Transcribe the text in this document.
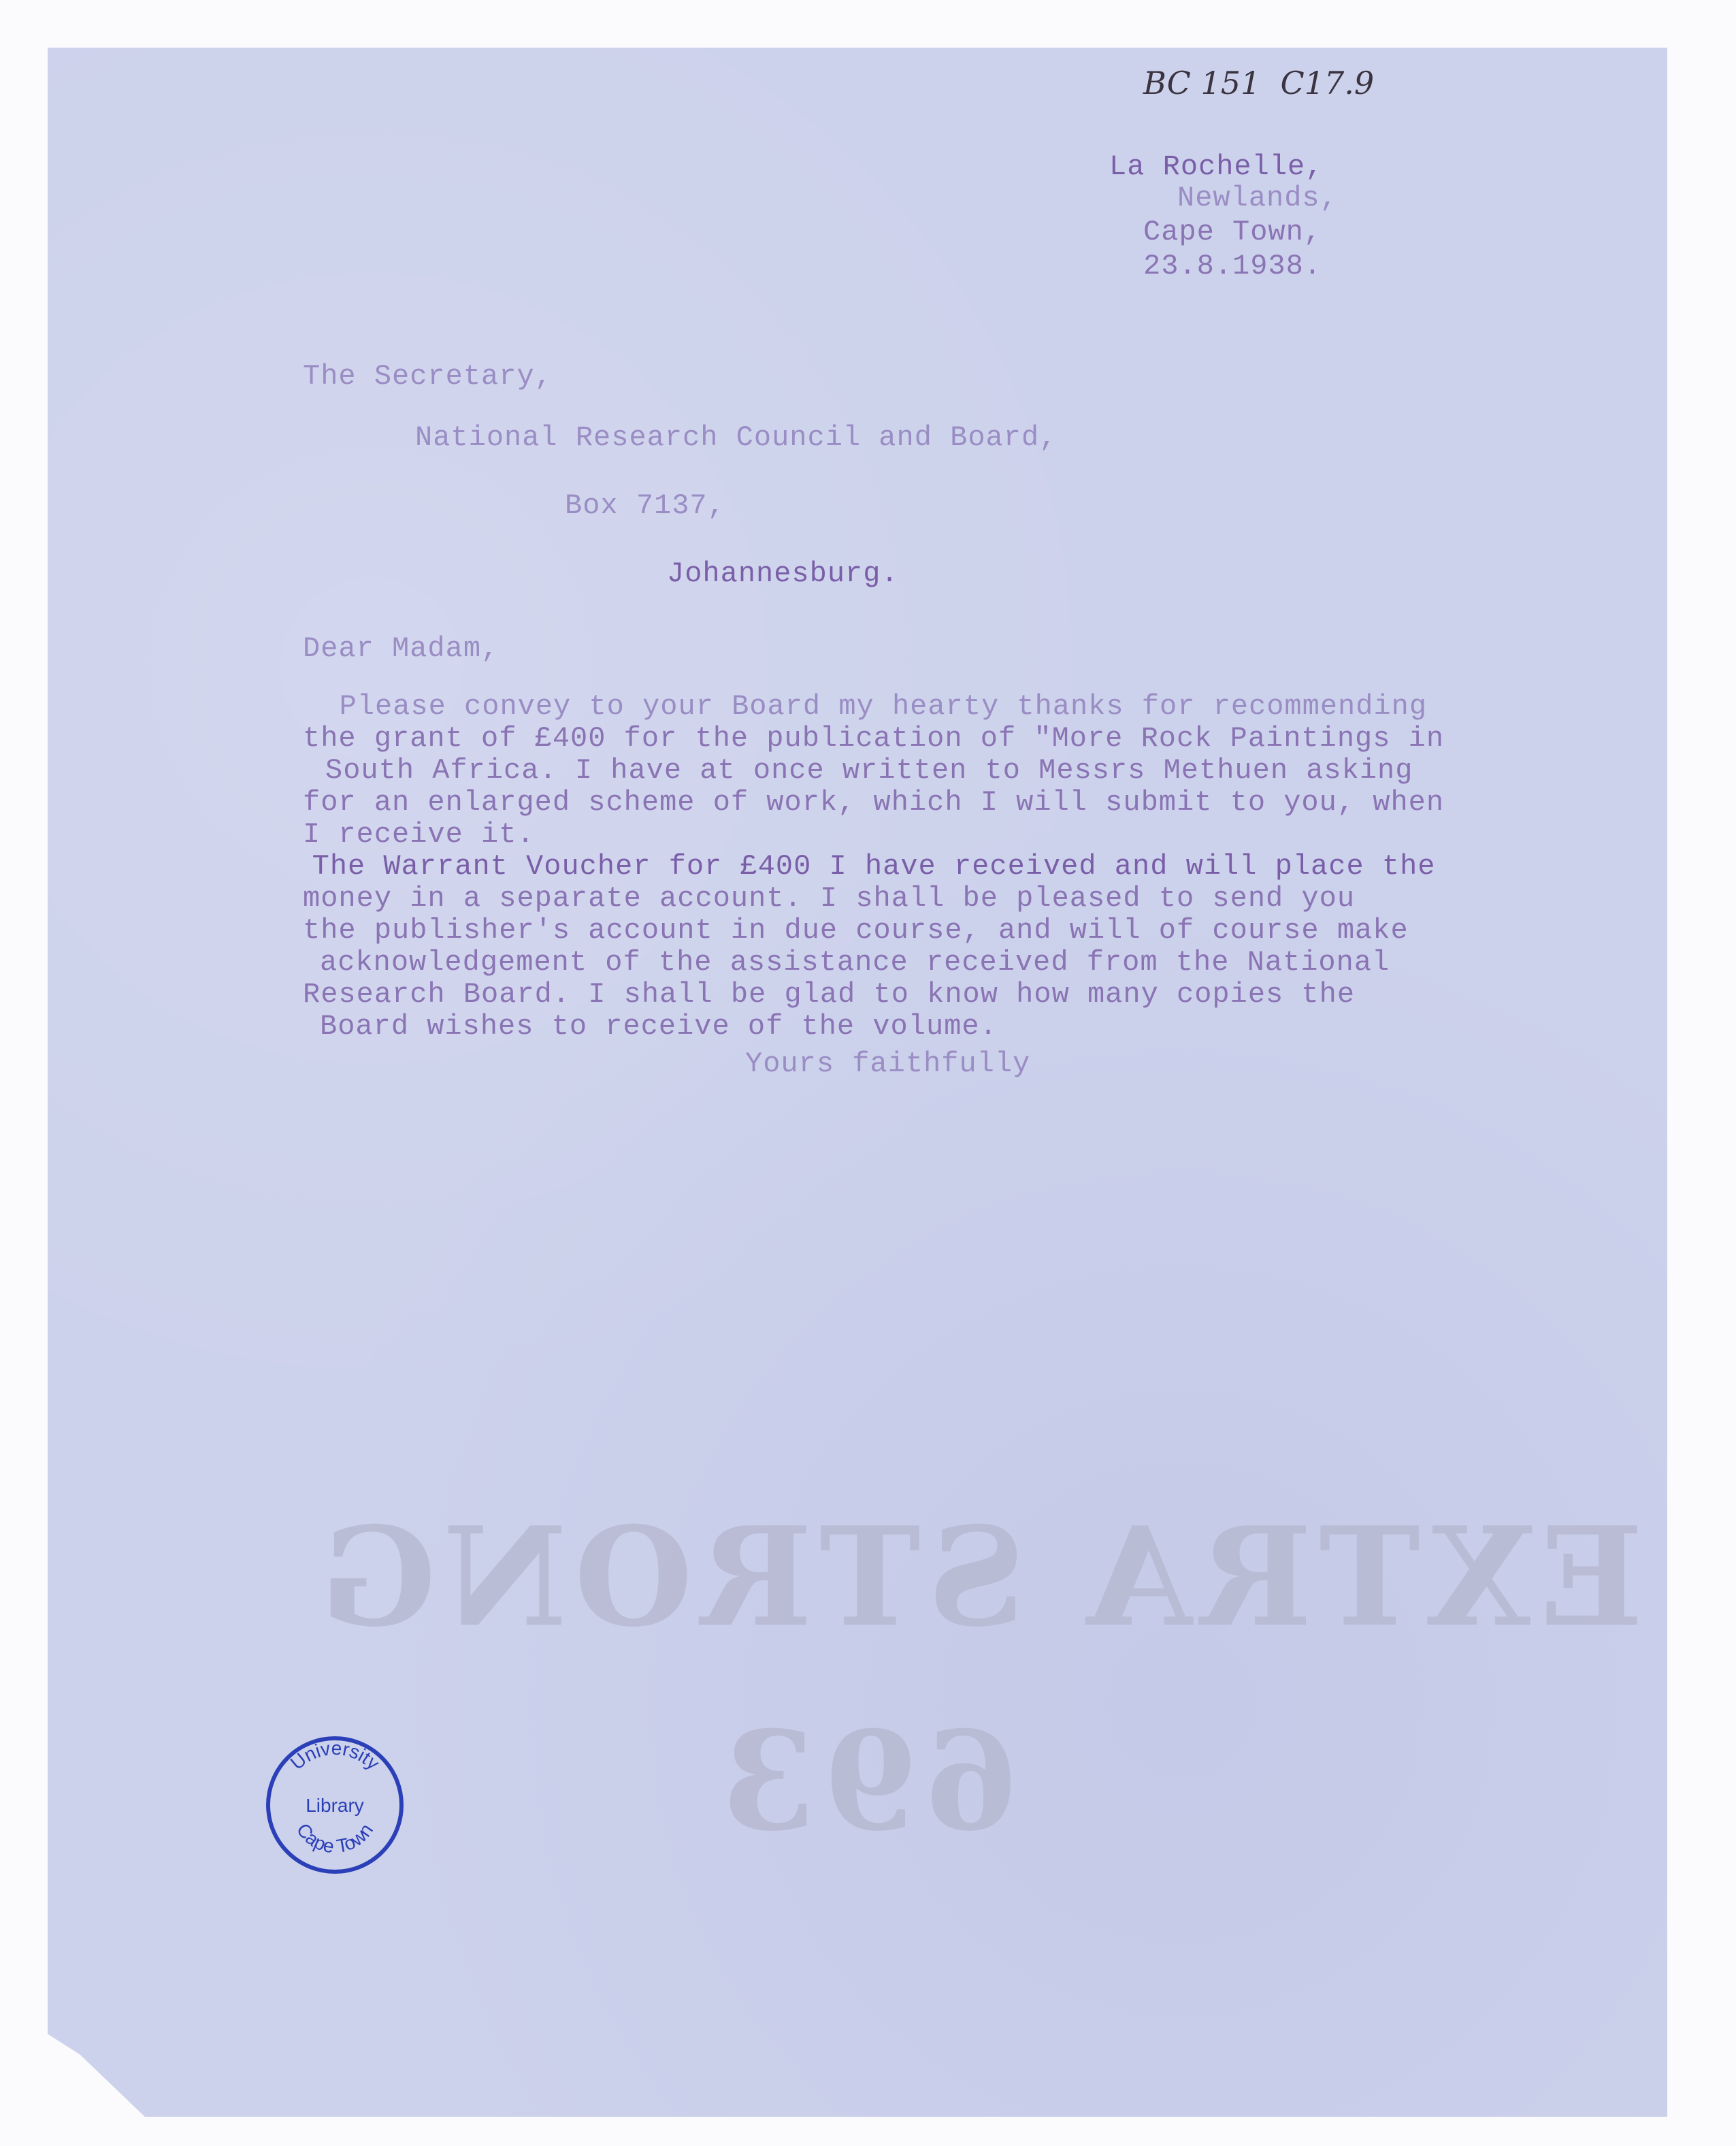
BC 151  C17.9
La Rochelle,
Newlands,
Cape Town,
23.8.1938.
The Secretary,
National Research Council and Board,
Box 7137,
Johannesburg.
Dear Madam,
Please convey to your Board my hearty thanks for recommending
the grant of £400 for the publication of "More Rock Paintings in
South Africa. I have at once written to Messrs Methuen asking
for an enlarged scheme of work, which I will submit to you, when
I receive it.
The Warrant Voucher for £400 I have received and will place the
money in a separate account. I shall be pleased to send you
the publisher's account in due course, and will of course make
acknowledgement of the assistance received from the National
Research Board. I shall be glad to know how many copies the
Board wishes to receive of the volume.
Yours faithfully
EXTRA STRONG
693
University
Library
Cape Town
